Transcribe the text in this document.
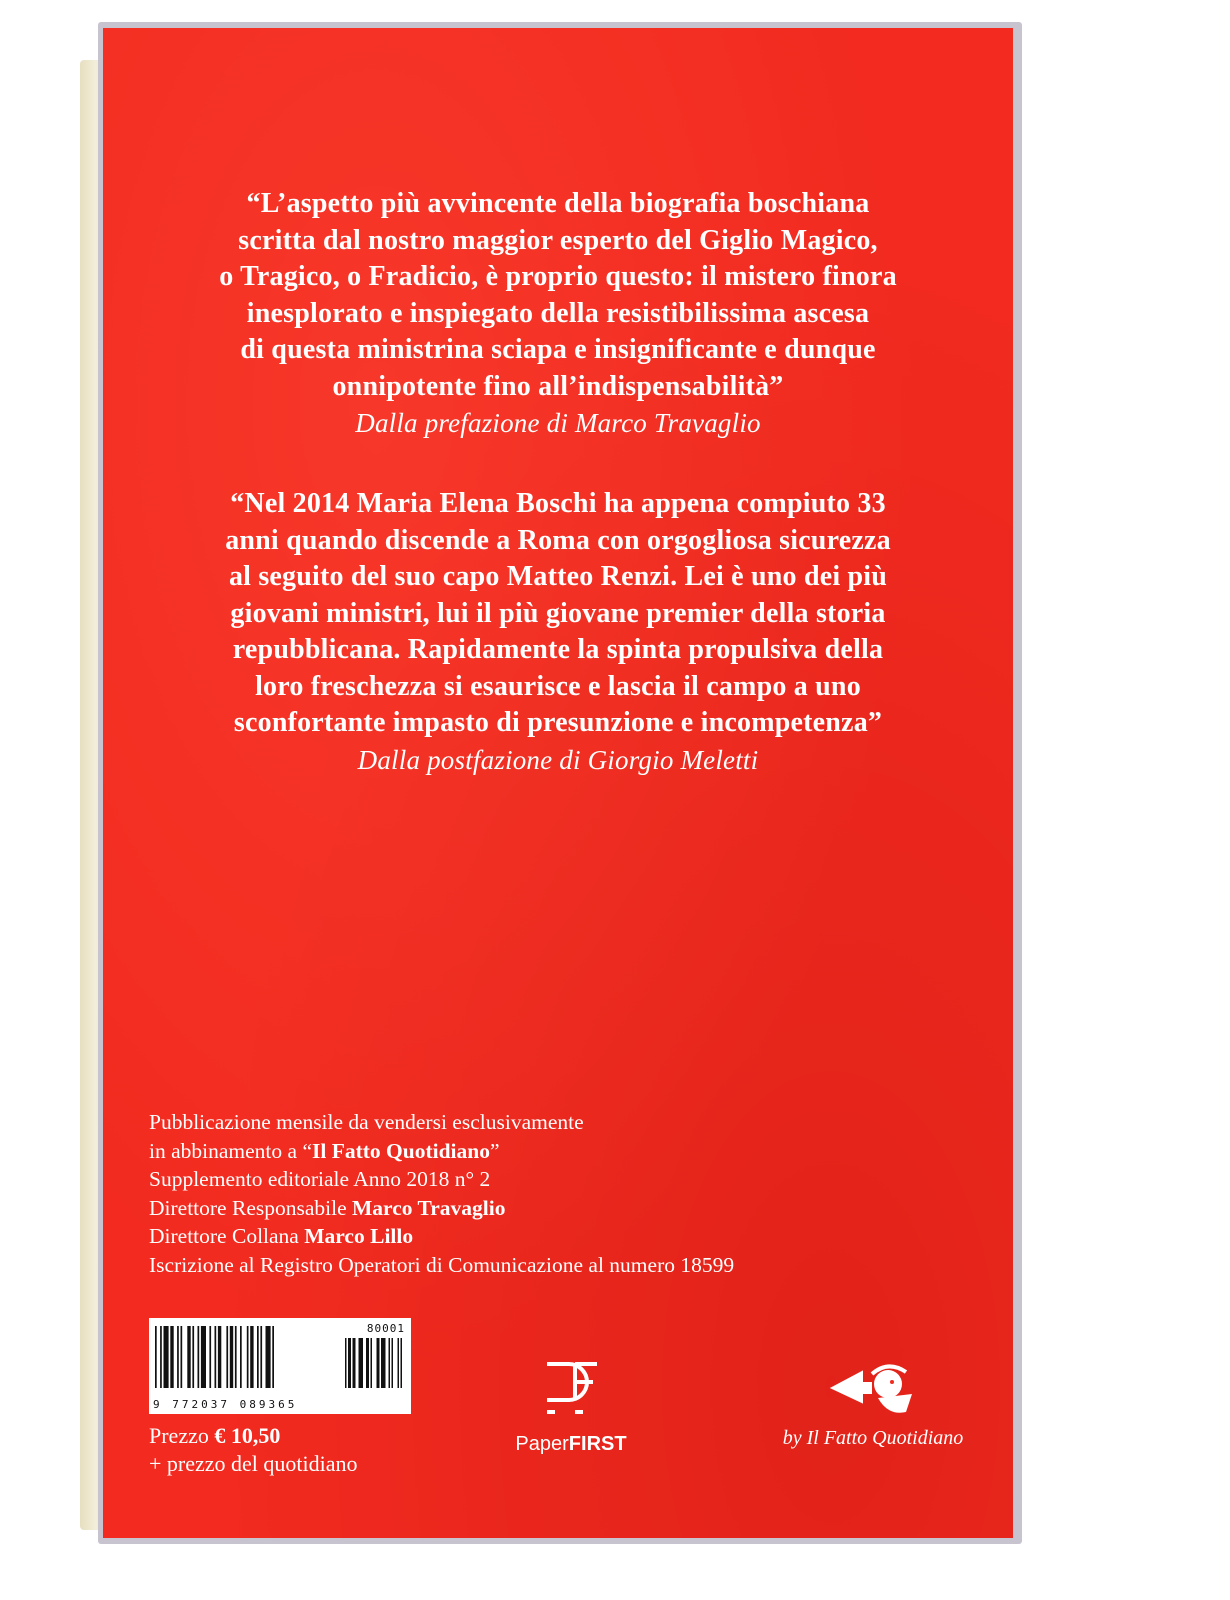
“L’aspetto più avvincente della biografia boschiana
scritta dal nostro maggior esperto del Giglio Magico,
o Tragico, o Fradicio, è proprio questo: il mistero finora
inesplorato e inspiegato della resistibilissima ascesa
di questa ministrina sciapa e insignificante e dunque
onnipotente fino all’indispensabilità”
Dalla prefazione di Marco Travaglio
“Nel 2014 Maria Elena Boschi ha appena compiuto 33
anni quando discende a Roma con orgogliosa sicurezza
al seguito del suo capo Matteo Renzi. Lei è uno dei più
giovani ministri, lui il più giovane premier della storia
repubblicana. Rapidamente la spinta propulsiva della
loro freschezza si esaurisce e lascia il campo a uno
sconfortante impasto di presunzione e incompetenza”
Dalla postfazione di Giorgio Meletti
Pubblicazione mensile da vendersi esclusivamente
in abbinamento a “Il Fatto Quotidiano”
Supplemento editoriale Anno 2018 n° 2
Direttore Responsabile Marco Travaglio
Direttore Collana Marco Lillo
Iscrizione al Registro Operatori di Comunicazione al numero 18599
9 772037 089365
80001
Prezzo € 10,50
+ prezzo del quotidiano
PaperFIRST	by Il Fatto Quotidiano
